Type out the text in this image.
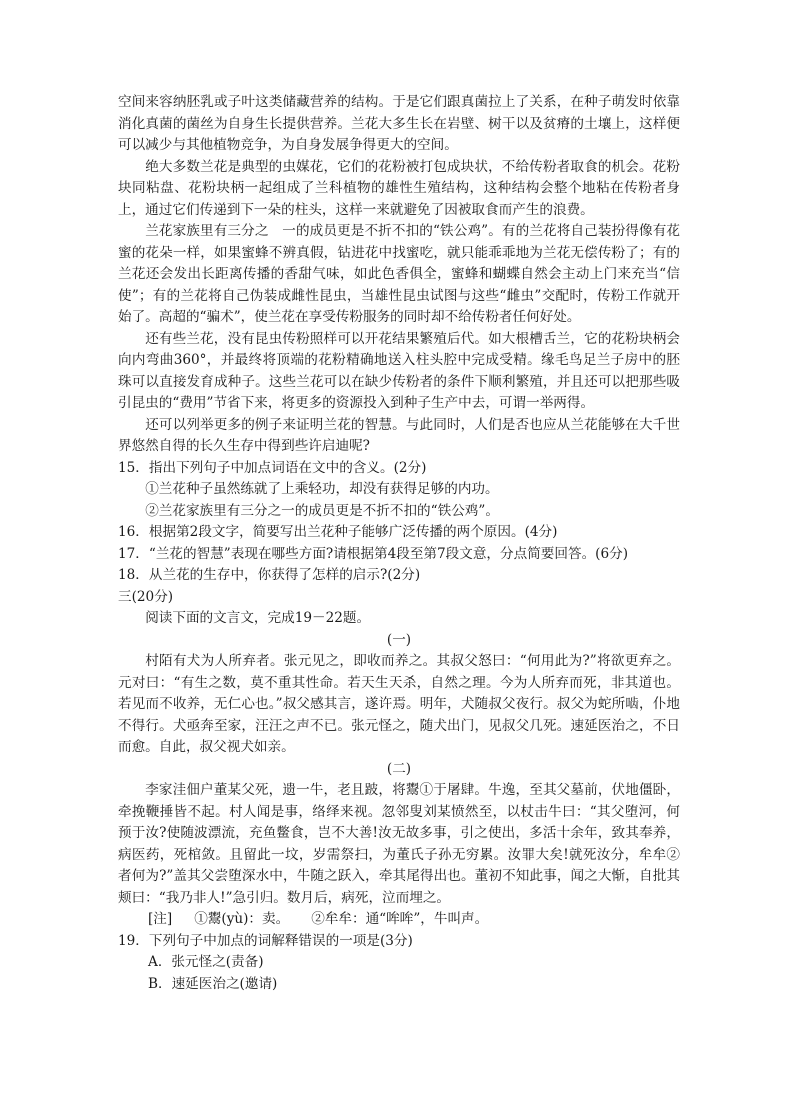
空间来容纳胚乳或子叶这类储藏营养的结构。于是它们跟真菌拉上了关系，在种子萌发时依靠消化真菌的菌丝为自身生长提供营养。兰花大多生长在岩壁、树干以及贫瘠的土壤上，这样便可以减少与其他植物竞争，为自身发展争得更大的空间。

绝大多数兰花是典型的虫媒花，它们的花粉被打包成块状，不给传粉者取食的机会。花粉块同粘盘、花粉块柄一起组成了兰科植物的雄性生殖结构，这种结构会整个地粘在传粉者身上，通过它们传递到下一朵的柱头，这样一来就避免了因被取食而产生的浪费。

兰花家族里有三分之　一的成员更是不折不扣的“铁公鸡”。有的兰花将自己装扮得像有花蜜的花朵一样，如果蜜蜂不辨真假，钻进花中找蜜吃，就只能乖乖地为兰花无偿传粉了；有的兰花还会发出长距离传播的香甜气味，如此色香俱全，蜜蜂和蝴蝶自然会主动上门来充当“信使”；有的兰花将自己伪装成雌性昆虫，当雄性昆虫试图与这些“雌虫”交配时，传粉工作就开始了。高超的“骗术”，使兰花在享受传粉服务的同时却不给传粉者任何好处。

还有些兰花，没有昆虫传粉照样可以开花结果繁殖后代。如大根槽舌兰，它的花粉块柄会向内弯曲360°，并最终将顶端的花粉精确地送入柱头腔中完成受精。缘毛鸟足兰子房中的胚珠可以直接发育成种子。这些兰花可以在缺少传粉者的条件下顺利繁殖，并且还可以把那些吸引昆虫的“费用”节省下来，将更多的资源投入到种子生产中去，可谓一举两得。

还可以列举更多的例子来证明兰花的智慧。与此同时，人们是否也应从兰花能够在大千世界悠然自得的长久生存中得到些许启迪呢?

15．指出下列句子中加点词语在文中的含义。(2分)

①兰花种子虽然练就了上乘轻功，却没有获得足够的内功。

②兰花家族里有三分之一的成员更是不折不扣的“铁公鸡”。

16．根据第2段文字，简要写出兰花种子能够广泛传播的两个原因。(4分)

17．“兰花的智慧”表现在哪些方面?请根据第4段至第7段文意，分点简要回答。(6分)

18．从兰花的生存中，你获得了怎样的启示?(2分)

三(20分)

阅读下面的文言文，完成19－22题。

(一)

村陌有犬为人所弃者。张元见之，即收而养之。其叔父怒曰：“何用此为?”将欲更弃之。元对曰：“有生之数，莫不重其性命。若天生天杀，自然之理。今为人所弃而死，非其道也。若见而不收养，无仁心也。”叔父感其言，遂许焉。明年，犬随叔父夜行。叔父为蛇所啮，仆地不得行。犬亟奔至家，汪汪之声不已。张元怪之，随犬出门，见叔父几死。速延医治之，不日而愈。自此，叔父视犬如亲。

(二)

李家洼佃户董某父死，遗一牛，老且跛，将鬻①于屠肆。牛逸，至其父墓前，伏地僵卧，牵挽鞭捶皆不起。村人闻是事，络绎来视。忽邻叟刘某愤然至，以杖击牛曰：“其父堕河，何预于汝?使随波漂流，充鱼鳖食，岂不大善!汝无故多事，引之使出，多活十余年，致其奉养，病医药，死棺敛。且留此一坟，岁需祭扫，为董氏子孙无穷累。汝罪大矣!就死汝分，牟牟②者何为?”盖其父尝堕深水中，牛随之跃入，牵其尾得出也。董初不知此事，闻之大惭，自批其颊曰：“我乃非人!”急引归。数月后，病死，泣而埋之。

[注] ①鬻(yù)：卖。 ②牟牟：通“哞哞”，牛叫声。

19．下列句子中加点的词解释错误的一项是(3分)

A．张元怪之(责备)

B．速延医治之(邀请)
